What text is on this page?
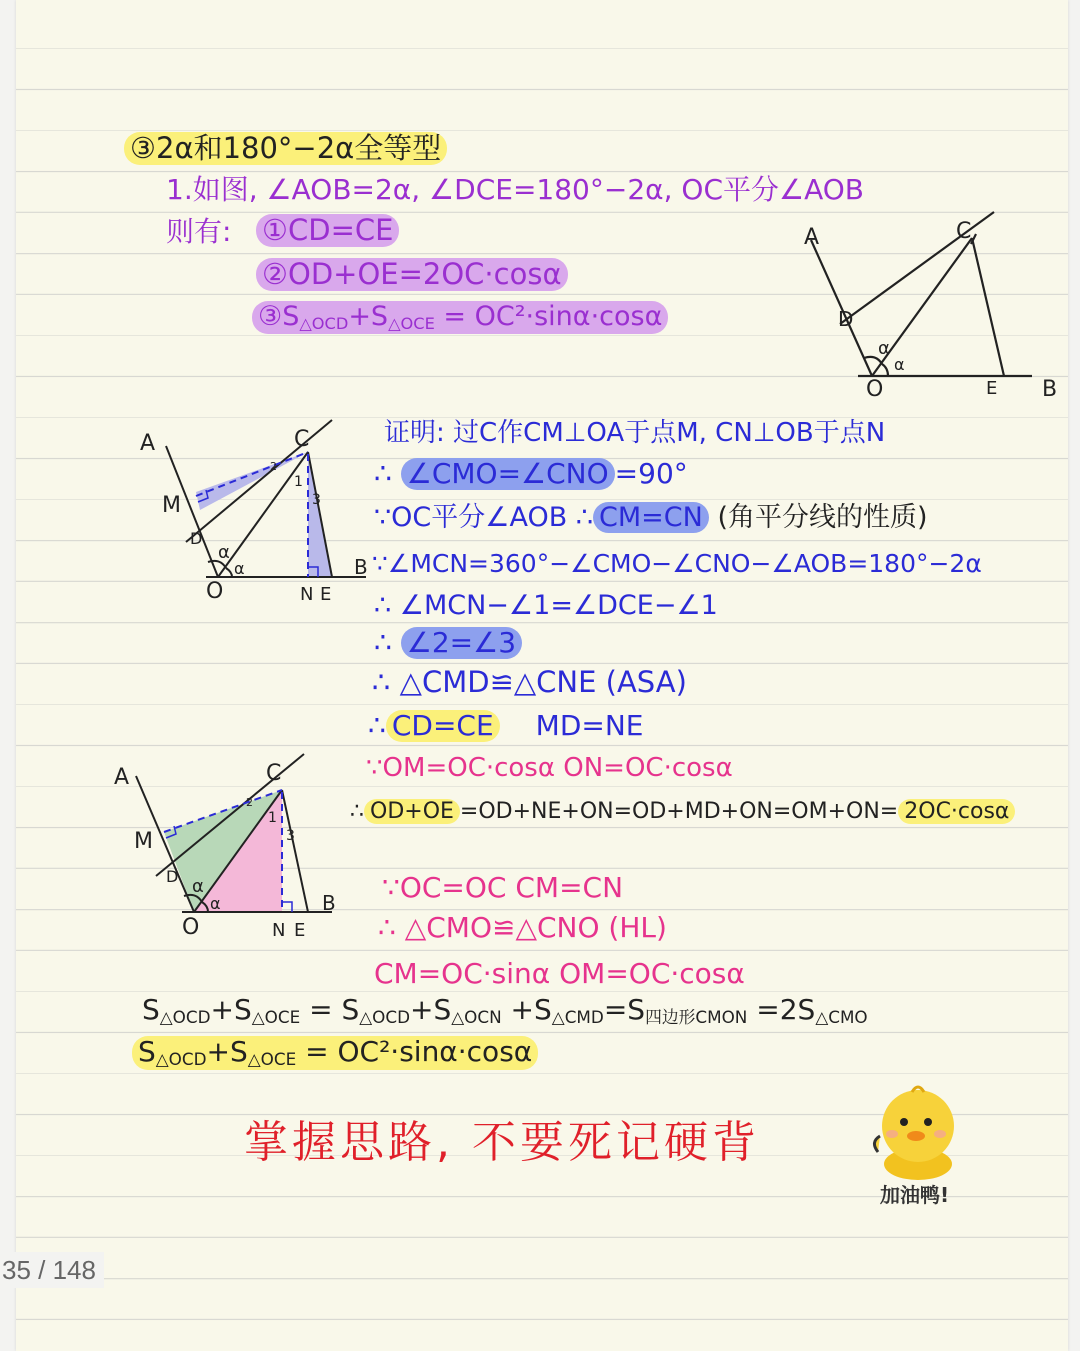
③2α和180°−2α全等型
1.如图, ∠AOB=2α, ∠DCE=180°−2α, OC平分∠AOB
则有: ①CD=CE
②OD+OE=2OC·cosα
$③S_{\triangle OCD}+S_{\triangle OCE} = OC^2\cdot\sin\alpha\cdot\cos\alpha$
A	C
D
α
α
O	E B
A	C
M
D
α
α
1
2
3
O	N E
B
证明: 过C作CM⊥OA于点M, CN⊥OB于点N
∴ ∠CMO=∠CNO =90°
∵OC平分∠AOB ∴ CM=CN (角平分线的性质)
∵∠MCN=360°−∠CMO−∠CNO−∠AOB=180°−2α
∴ ∠MCN−∠1=∠DCE−∠1
∴ ∠2=∠3
∴ △CMD≌△CNE (ASA)
∴ CD=CE MD=NE
∵OM=OC·cosα ON=OC·cosα
∴ OD+OE =OD+NE+ON=OD+MD+ON=OM+ON= 2OC·cosα
A	C
M
D α
α
1
2
3
O	N E
B ∵OC=OC CM=CN
∴ △CMO≌△CNO (HL)
CM=OC·sinα OM=OC·cosα
$S_{\triangle OCD}+S_{\triangle OCE} = S_{\triangle OCD}+S_{\triangle OCN} +S_{\triangle CMD}=S_{四边形CMON} =2S_{\triangle CMO}$
$S_{\triangle OCD}+S_{\triangle OCE} = OC^2\cdot\sin\alpha\cdot\cos\alpha$
掌握思路, 不要死记硬背
加油鸭!
35 / 148
